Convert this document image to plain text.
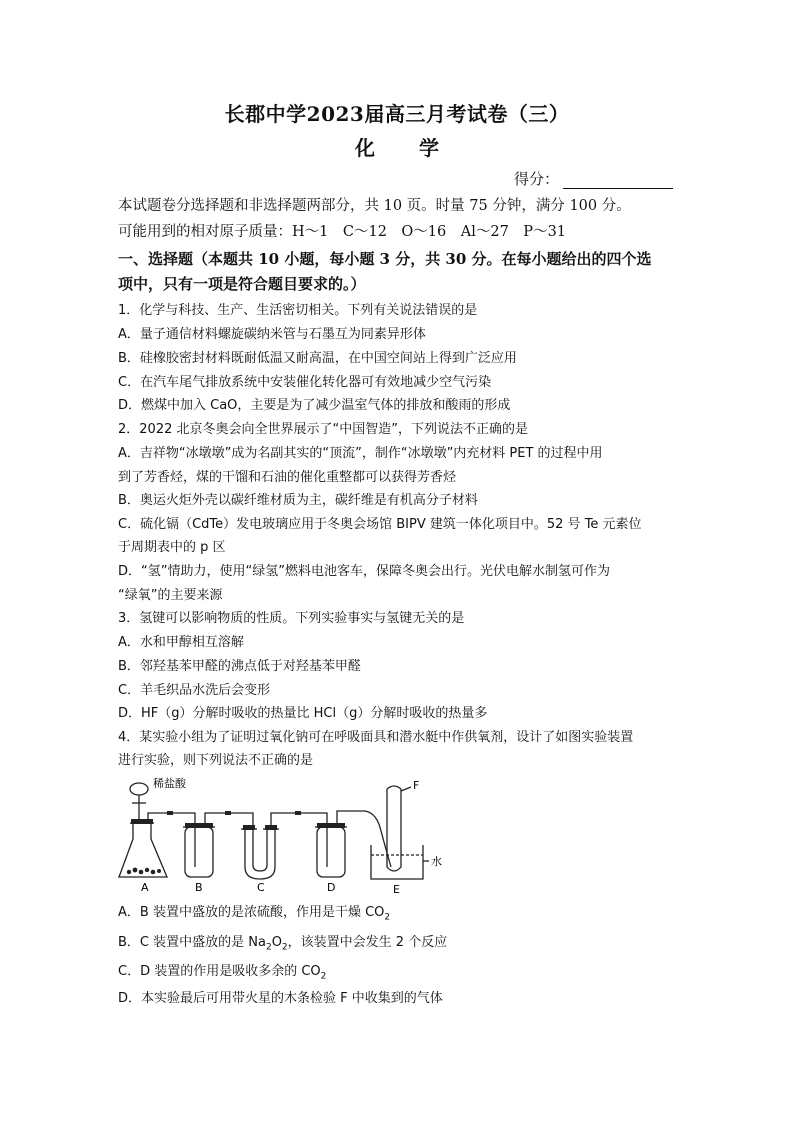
长郡中学2023届高三月考试卷（三）
化 学
得分：
本试题卷分选择题和非选择题两部分，共 10 页。时量 75 分钟，满分 100 分。
可能用到的相对原子质量：H～1　C～12　O～16　Al～27　P～31
一、选择题（本题共 10 小题，每小题 3 分，共 30 分。在每小题给出的四个选
项中，只有一项是符合题目要求的。）
1．化学与科技、生产、生活密切相关。下列有关说法错误的是
A．量子通信材料螺旋碳纳米管与石墨互为同素异形体
B．硅橡胶密封材料既耐低温又耐高温，在中国空间站上得到广泛应用
C．在汽车尾气排放系统中安装催化转化器可有效地减少空气污染
D．燃煤中加入 CaO，主要是为了减少温室气体的排放和酸雨的形成
2．2022 北京冬奥会向全世界展示了“中国智造”，下列说法不正确的是
A．吉祥物“冰墩墩”成为名副其实的“顶流”，制作“冰墩墩”内充材料 PET 的过程中用
到了芳香烃，煤的干馏和石油的催化重整都可以获得芳香烃
B．奥运火炬外壳以碳纤维材质为主，碳纤维是有机高分子材料
C．硫化镉（CdTe）发电玻璃应用于冬奥会场馆 BIPV 建筑一体化项目中。52 号 Te 元素位
于周期表中的 p 区
D．“氢”情助力，使用“绿氢”燃料电池客车，保障冬奥会出行。光伏电解水制氢可作为
“绿氧”的主要来源
3．氢键可以影响物质的性质。下列实验事实与氢键无关的是
A．水和甲醇相互溶解
B．邻羟基苯甲醛的沸点低于对羟基苯甲醛
C．羊毛织品水洗后会变形
D．HF（g）分解时吸收的热量比 HCl（g）分解时吸收的热量多
4．某实验小组为了证明过氧化钠可在呼吸面具和潜水艇中作供氧剂，设计了如图实验装置
进行实验，则下列说法不正确的是
稀盐酸	F
水
A	B	C	D	E
A．B 装置中盛放的是浓硫酸，作用是干燥 $CO_2$
B．C 装置中盛放的是 $Na_2O_2$，该装置中会发生 2 个反应
C．D 装置的作用是吸收多余的 $CO_2$
D．本实验最后可用带火星的木条检验 F 中收集到的气体
